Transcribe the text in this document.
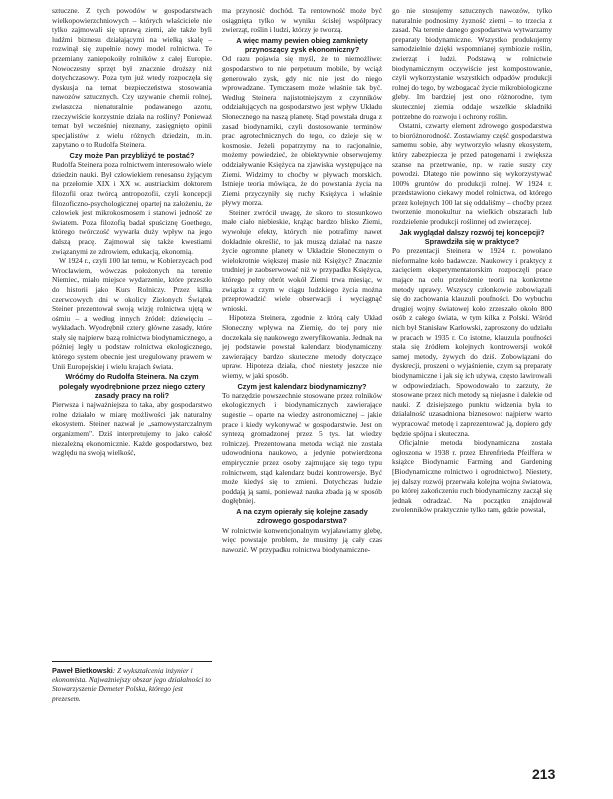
sztuczne. Z tych powodów w gospodarstwach wielkopowierzchniowych – których właściciele nie tylko zajmowali się uprawą ziemi, ale także byli ludźmi biznesu działającymi na wielką skalę – rozwinął się zupełnie nowy model rolnictwa. Te przemiany zaniepokoiły rolników z całej Europie. Nowoczesny sprzęt był znacznie droższy niż dotychczasowy. Poza tym już wtedy rozpoczęła się dyskusja na temat bezpieczeństwa stosowania nawozów sztucznych. Czy uzywanie chemii rolnej, zwłaszcza nienaturalnie podawanego azotu, rzeczywiście korzystnie działa na rośliny? Ponieważ temat był wcześniej nieznany, zasięgnięto opinii specjalistów z wielu różnych dziedzin, m.in. zapytano o to Rudolfa Steinera.

Czy może Pan przybliżyć te postać?

Rudolfa Steinera poza rolnictwem interesowało wiele dziedzin nauki. Był człowiekiem renesansu żyjącym na przełomie XIX i XX w. austriackim doktorem filozofii oraz twórcą antropozofii, czyli koncepcji filozoficzno-psychologicznej opartej na założeniu, że człowiek jest mikrokosmosem i stanowi jedność ze światem. Poza filozofią badał spuściznę Goethego, którego twórczość wywarła duży wpływ na jego dalszą pracę. Zajmował się także kwestiami związanymi ze zdrowiem, edukacją, ekonomią.

W 1924 r., czyli 100 lat temu, w Kobierzycach pod Wrocławiem, wówczas położonych na terenie Niemiec, miało miejsce wydarzenie, które przeszło do historii jako Kurs Rolniczy. Przez kilka czerwcowych dni w okolicy Zielonych Świątek Steiner prezentował swoją wizję rolnictwa ujętą w ośmiu – a według innych źródeł: dziewięciu – wykładach. Wyodrębnił cztery główne zasady, które stały się najpierw bazą rolnictwa biodynamicznego, a później legły u podstaw rolnictwa ekologicznego, którego system obecnie jest uregulowany prawem w Unii Europejskiej i wielu krajach świata.

Wróćmy do Rudolfa Steinera. Na czym polegały wyodrębnione przez niego cztery zasady pracy na roli?

Pierwsza i najważniejsza to taka, aby gospodarstwo rolne działało w miarę możliwości jak naturalny ekosystem. Steiner nazwał je „samowystarczalnym organizmem". Dziś interpretujemy to jako całość niezależną ekonomicznie. Każde gospodarstwo, bez względu na swoją wielkość,

ma przynosić dochód. Ta rentowność może być osiągnięta tylko w wyniku ścisłej współpracy zwierząt, roślin i ludzi, którzy je tworzą.

A więc mamy pewien obieg zamknięty przynoszący zysk ekonomiczny?

Od razu pojawia się myśl, że to niemożliwe: gospodarstwo to nie perpetuum mobile, by wciąż generowało zysk, gdy nic nie jest do niego wprowadzane. Tymczasem może właśnie tak być. Według Steinera najistotniejszym z czynników oddziałujących na gospodarstwo jest wpływ Układu Słonecznego na naszą planetę. Stąd powstała druga z zasad biodynamiki, czyli dostosowanie terminów prac agrotechnicznych do tego, co dzieje się w kosmosie. Jeżeli popatrzymy na to racjonalnie, możemy powiedzieć, że obiektywnie obserwujemy oddziaływanie Księżyca na zjawiska występujące na Ziemi. Widzimy to choćby w pływach morskich. Istnieje teoria mówiąca, że do powstania życia na Ziemi przyczyniły się ruchy Księżyca i właśnie pływy morza.

Steiner zwrócił uwagę, że skoro to stosunkowo małe ciało niebieskie, krążąc bardzo blisko Ziemi, wywołuje efekty, których nie potrafimy nawet dokładnie określić, to jak muszą działać na nasze życie ogromne planety w Układzie Słonecznym o wielokrotnie większej masie niż Księżyc? Znacznie trudniej je zaobserwować niż w przypadku Księżyca, którego pełny obrót wokół Ziemi trwa miesiąc, w związku z czym w ciągu ludzkiego życia można przeprowadzić wiele obserwacji i wyciągnąć wnioski.

Hipoteza Steinera, zgodnie z którą cały Układ Słoneczny wpływa na Ziemię, do tej pory nie doczekała się naukowego zweryfikowania. Jednak na jej podstawie powstał kalendarz biodynamiczny zawierający bardzo skuteczne metody dotyczące upraw. Hipoteza działa, choć niestety jeszcze nie wiemy, w jaki sposób.

Czym jest kalendarz biodynamiczny?

To narzędzie powszechnie stosowane przez rolników ekologicznych i biodynamicznych zawierające sugestie – oparte na wiedzy astronomicznej – jakie prace i kiedy wykonywać w gospodarstwie. Jest on syntezą gromadzonej przez 5 tys. lat wiedzy rolniczej. Prezentowana metoda wciąż nie została udowodniona naukowo, a jedynie potwierdzona empirycznie przez osoby zajmujące się tego typu rolnictwem, stąd kalendarz budzi kontrowersje. Być może kiedyś się to zmieni. Dotychczas ludzie poddają ją sami, ponieważ nauka zbada ją w sposób dogłębniej.

A na czym opierały się kolejne zasady zdrowego gospodarstwa?

W rolnictwie konwencjonalnym wyjaławiamy glebę, więc powstaje problem, że musimy ją cały czas nawozić. W przypadku rolnictwa biodynamiczne-

go nie stosujemy sztucznych nawozów, tylko naturalnie podnosimy żyzność ziemi – to trzecia z zasad. Na terenie danego gospodarstwa wytwarzamy preparaty biodynamiczne. Wszystko produkujemy samodzielnie dzięki wspomnianej symbiozie roślin, zwierząt i ludzi. Podstawą w rolnictwie biodynamicznym oczywiście jest kompostowanie, czyli wykorzystanie wszystkich odpadów produkcji rolnej do tego, by wzbogacać życie mikrobiologiczne gleby. Im bardziej jest ono różnorodne, tym skuteczniej ziemia oddaje wszelkie składniki potrzebne do rozwoju i ochrony roślin.

Ostatni, czwarty element zdrowego gospodarstwa to bioróżnorodność. Zostawiamy część gospodarstwa samemu sobie, aby wytworzyło własny ekosystem, który zabezpiecza je przed patogenami i zwiększa szanse na przetrwanie, np. w razie suszy czy powodzi. Dlatego nie powinno się wykorzystywać 100% gruntów do produkcji rolnej. W 1924 r. przedstawiono ciekawy model rolnictwa, od którego przez kolejnych 100 lat się oddaliśmy – choćby przez tworzenie monokultur na wielkich obszarach lub rozdzielenie produkcji roślinnej od zwierzęcej.

Jak wyglądał dalszy rozwój tej koncepcji? Sprawdziła się w praktyce?

Po prezentacji Steinera w 1924 r. powołano nieformalne koło badawcze. Naukowcy i praktycy z zacięciem eksperymentatorskim rozpoczęli prace mające na celu przełożenie teorii na konkretne metody uprawy. Wszyscy członkowie zobowiązali się do zachowania klauzuli poufności. Do wybuchu drugiej wojny światowej koło zrzeszało około 800 osób z całego świata, w tym kilka z Polski. Wśród nich był Stanisław Karłowski, zaproszony do udziału w pracach w 1935 r. Co istotne, klauzula poufności stała się źródłem kolejnych kontrowersji wokół samej metody, żywych do dziś. Zobowiązani do dyskrecji, proszeni o wyjaśnienie, czym są preparaty biodynamiczne i jak się ich używa, często lawirowali w odpowiedziach. Spowodowało to zarzuty, że stosowane przez nich metody są niejasne i dalekie od nauki. Z dzisiejszego punktu widzenia była to działalność uzasadniona biznesowo: najpierw warto wypracować metodę i zaprezentować ją, dopiero gdy będzie spójna i skuteczna.

Oficjalnie metoda biodynamiczna została ogłoszona w 1938 r. przez Ehrenfrieda Pfeiffera w książce Biodynamic Farming and Gardening [Biodynamiczne rolnictwo i ogrodnictwo]. Niestety, jej dalszy rozwój przerwała kolejna wojna światowa, po której zakończeniu ruch biodynamiczny zaczął się jednak odradzać. Na początku znajdował zwolenników praktycznie tylko tam, gdzie powstał,

Paweł Bietkowski: Z wykształcenia inżynier i ekonomista. Najważniejszy obszar jego działalności to Stowarzyszenie Demeter Polska, którego jest prezesem.
213
